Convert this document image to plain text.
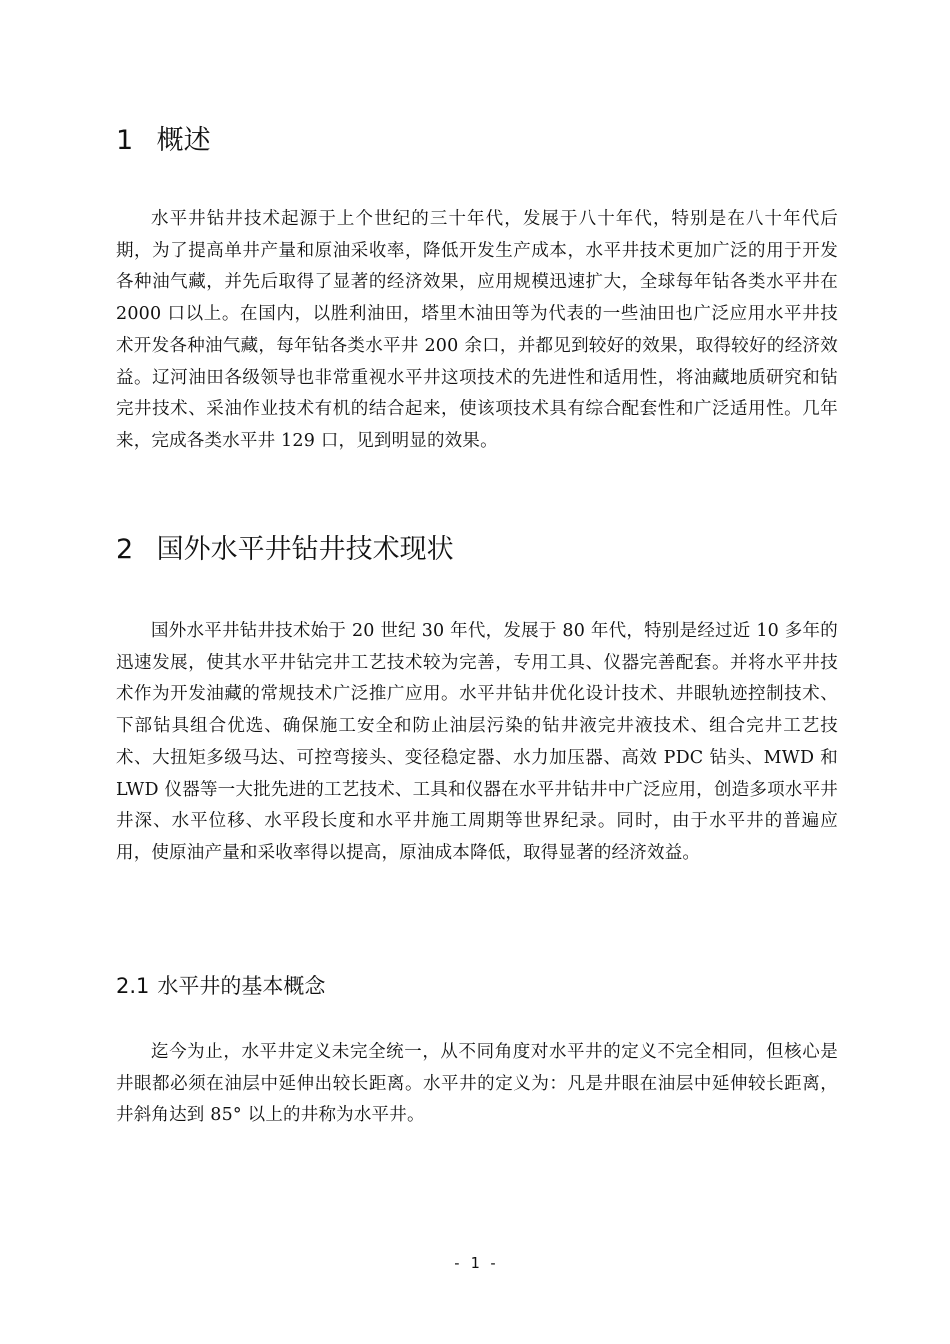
1 概述

水平井钻井技术起源于上个世纪的三十年代，发展于八十年代，特别是在八十年代后期，为了提高单井产量和原油采收率，降低开发生产成本，水平井技术更加广泛的用于开发各种油气藏，并先后取得了显著的经济效果，应用规模迅速扩大，全球每年钻各类水平井在 2000 口以上。在国内，以胜利油田，塔里木油田等为代表的一些油田也广泛应用水平井技术开发各种油气藏，每年钻各类水平井 200 余口，并都见到较好的效果，取得较好的经济效益。辽河油田各级领导也非常重视水平井这项技术的先进性和适用性，将油藏地质研究和钻完井技术、采油作业技术有机的结合起来，使该项技术具有综合配套性和广泛适用性。几年来，完成各类水平井 129 口，见到明显的效果。

2 国外水平井钻井技术现状

国外水平井钻井技术始于 20 世纪 30 年代，发展于 80 年代，特别是经过近 10 多年的迅速发展，使其水平井钻完井工艺技术较为完善，专用工具、仪器完善配套。并将水平井技术作为开发油藏的常规技术广泛推广应用。水平井钻井优化设计技术、井眼轨迹控制技术、下部钻具组合优选、确保施工安全和防止油层污染的钻井液完井液技术、组合完井工艺技术、大扭矩多级马达、可控弯接头、变径稳定器、水力加压器、高效 PDC 钻头、MWD 和 LWD 仪器等一大批先进的工艺技术、工具和仪器在水平井钻井中广泛应用，创造多项水平井井深、水平位移、水平段长度和水平井施工周期等世界纪录。同时，由于水平井的普遍应用，使原油产量和采收率得以提高，原油成本降低，取得显著的经济效益。

2.1 水平井的基本概念

迄今为止，水平井定义未完全统一，从不同角度对水平井的定义不完全相同，但核心是井眼都必须在油层中延伸出较长距离。水平井的定义为：凡是井眼在油层中延伸较长距离，井斜角达到 85° 以上的井称为水平井。

- 1 -
